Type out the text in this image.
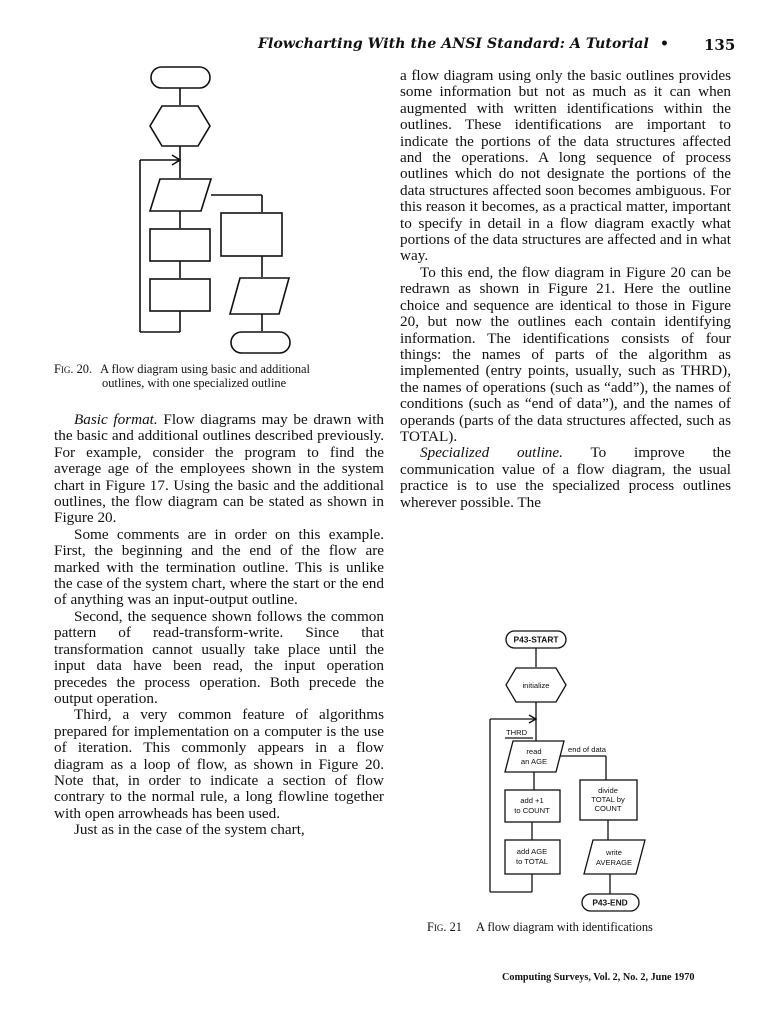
Flowcharting With the ANSI Standard: A Tutorial • 135
Fig. 20. A flow diagram using basic and additional
outlines, with one specialized outline

a flow diagram using only the basic outlines provides some information but not as much as it can when augmented with written identifications within the outlines. These identifications are important to indicate the portions of the data structures affected and the operations. A long sequence of process outlines which do not designate the portions of the data structures affected soon becomes ambiguous. For this reason it becomes, as a practical matter, important to specify in detail in a flow diagram exactly what portions of the data structures are affected and in what way.

To this end, the flow diagram in Figure 20 can be redrawn as shown in Figure 21. Here the outline choice and sequence are identical to those in Figure 20, but now the outlines each contain identifying information. The identifications consists of four things: the names of parts of the algorithm as implemented (entry points, usually, such as THRD), the names of operations (such as “add”), the names of conditions (such as “end of data”), and the names of operands (parts of the data structures affected, such as TOTAL).

Specialized outline. To improve the communication value of a flow diagram, the usual practice is to use the specialized process outlines wherever possible. The

Basic format. Flow diagrams may be drawn with the basic and additional outlines described previously. For example, consider the program to find the average age of the employees shown in the system chart in Figure 17. Using the basic and the additional outlines, the flow diagram can be stated as shown in Figure 20.

Some comments are in order on this example. First, the beginning and the end of the flow are marked with the termination outline. This is unlike the case of the system chart, where the start or the end of anything was an input-output outline.

Second, the sequence shown follows the common pattern of read-transform-write. Since that transformation cannot usually take place until the input data have been read, the input operation precedes the process operation. Both precede the output operation.

Third, a very common feature of algorithms prepared for implementation on a computer is the use of iteration. This commonly appears in a flow diagram as a loop of flow, as shown in Figure 20. Note that, in order to indicate a section of flow contrary to the normal rule, a long flowline together with open arrowheads has been used.

Just as in the case of the system chart,

P43-START
initialize
THRD
read
an AGE
end of data
add +1
to COUNT
divide
TOTAL by
COUNT
add AGE
to TOTAL
write
AVERAGE
P43-END
Fig. 21 A flow diagram with identifications
Computing Surveys, Vol. 2, No. 2, June 1970
